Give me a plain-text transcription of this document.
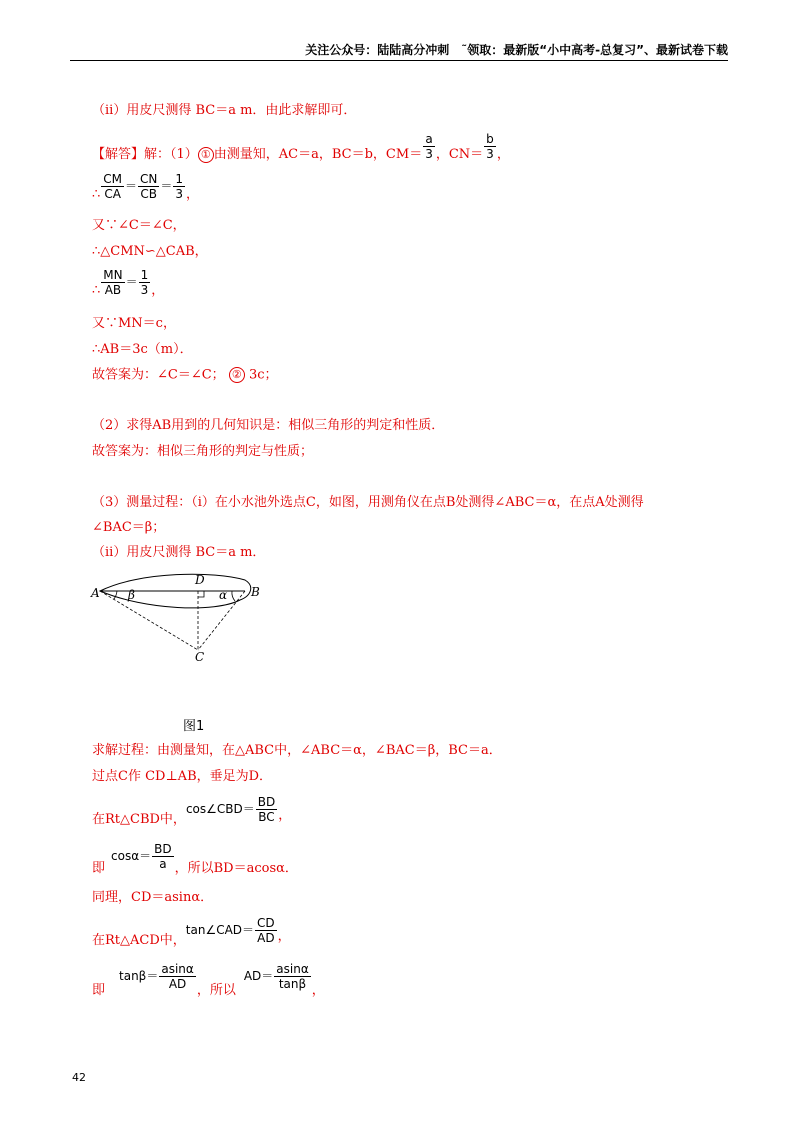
关注公众号：陆陆高分冲刺　˜领取：最新版“小中高考-总复习”、最新试卷下载
（ii）用皮尺测得 BC＝a m．由此求解即可．
【解答】解：（1） ① 由测量知，AC＝a，BC＝b，$CM= \frac{a}{3}$ ，$CN= \frac{b}{3}$ ，
∴ $\frac{CM}{CA} = \frac{CN}{CB} = \frac{1}{3}$ ，
又∵∠C＝∠C，
∴△CMN∽△CAB，
∴ $\frac{MN}{AB} = \frac{1}{3}$ ，
又∵MN＝c，
∴AB＝3c（m）．
故答案为：∠C＝∠C； ② 3c；
（2）求得AB用到的几何知识是：相似三角形的判定和性质．
故答案为：相似三角形的判定与性质；
（3）测量过程：（i）在小水池外选点C，如图，用测角仪在点B处测得∠ABC＝α，在点A处测得
∠BAC＝β；
（ii）用皮尺测得 BC＝a m．
A	B
C
D
β	α
图1
求解过程：由测量知，在△ABC中，∠ABC＝α，∠BAC＝β，BC＝a．
过点C作 CD⊥AB，垂足为D．
在Rt△CBD中，cos∠CBD＝ $\frac{BD}{BC}$ ，
即$\cos\alpha= \frac{BD}{a}$ ，所以BD＝acosα．
同理，CD＝asinα．
在Rt△ACD中，tan∠CAD＝ $\frac{CD}{AD}$ ，
即$\tan\beta= \frac{asin\alpha}{AD}$ ，所以$AD= \frac{asin\alpha}{\tan\beta}$ ，
42
